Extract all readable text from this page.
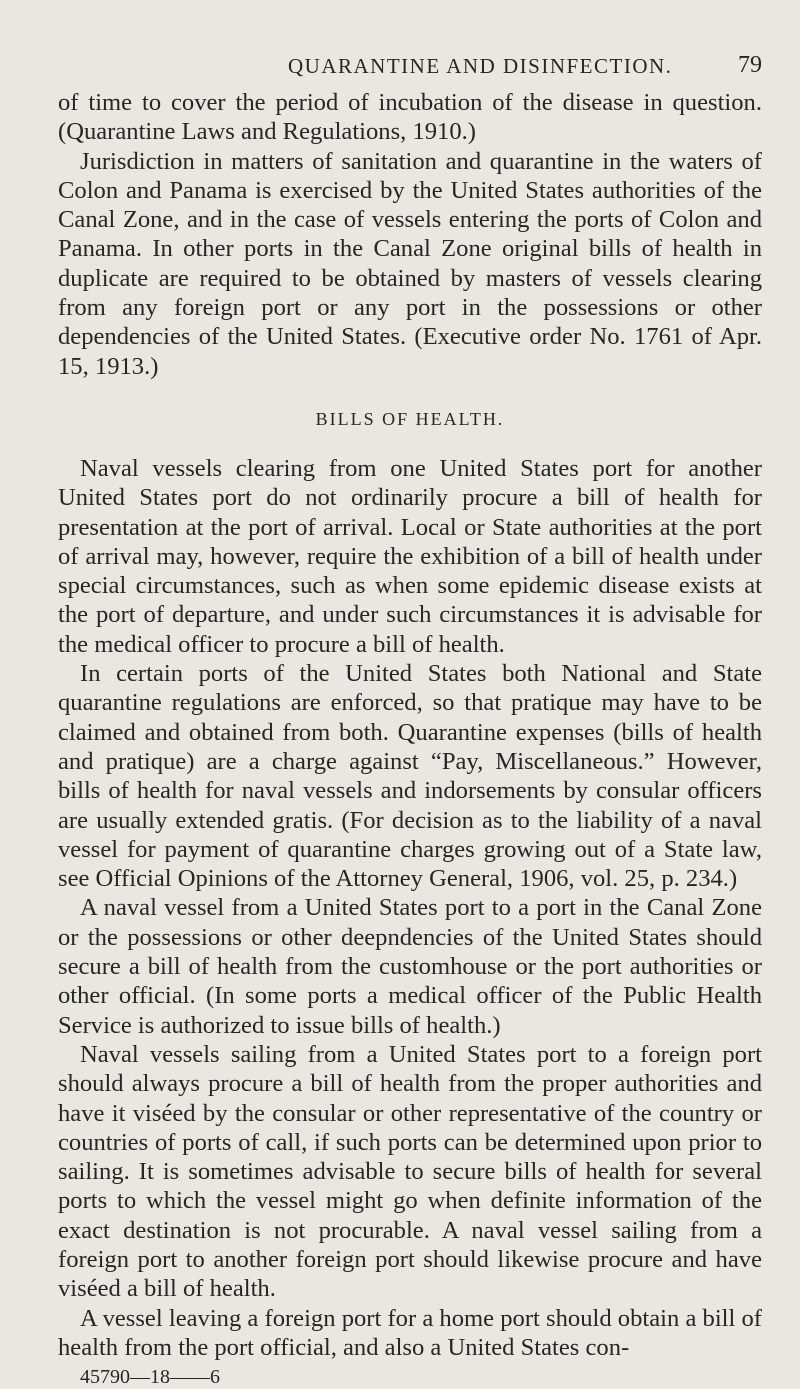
QUARANTINE AND DISINFECTION.	79

of time to cover the period of incubation of the disease in question. (Quarantine Laws and Regulations, 1910.)

Jurisdiction in matters of sanitation and quarantine in the waters of Colon and Panama is exercised by the United States authorities of the Canal Zone, and in the case of vessels entering the ports of Colon and Panama. In other ports in the Canal Zone original bills of health in duplicate are required to be obtained by masters of vessels clearing from any foreign port or any port in the possessions or other dependencies of the United States. (Executive order No. 1761 of Apr. 15, 1913.)

BILLS OF HEALTH.

Naval vessels clearing from one United States port for another United States port do not ordinarily procure a bill of health for presentation at the port of arrival. Local or State authorities at the port of arrival may, however, require the exhibition of a bill of health under special circumstances, such as when some epidemic disease exists at the port of departure, and under such circumstances it is advisable for the medical officer to procure a bill of health.

In certain ports of the United States both National and State quarantine regulations are enforced, so that pratique may have to be claimed and obtained from both. Quarantine expenses (bills of health and pratique) are a charge against “Pay, Miscellaneous.” However, bills of health for naval vessels and indorsements by consular officers are usually extended gratis. (For decision as to the liability of a naval vessel for payment of quarantine charges growing out of a State law, see Official Opinions of the Attorney General, 1906, vol. 25, p. 234.)

A naval vessel from a United States port to a port in the Canal Zone or the possessions or other deepndencies of the United States should secure a bill of health from the customhouse or the port authorities or other official. (In some ports a medical officer of the Public Health Service is authorized to issue bills of health.)

Naval vessels sailing from a United States port to a foreign port should always procure a bill of health from the proper authorities and have it viséed by the consular or other representative of the country or countries of ports of call, if such ports can be determined upon prior to sailing. It is sometimes advisable to secure bills of health for several ports to which the vessel might go when definite information of the exact destination is not procurable. A naval vessel sailing from a foreign port to another foreign port should likewise procure and have viséed a bill of health.

A vessel leaving a foreign port for a home port should obtain a bill of health from the port official, and also a United States con-

45790—18——6
